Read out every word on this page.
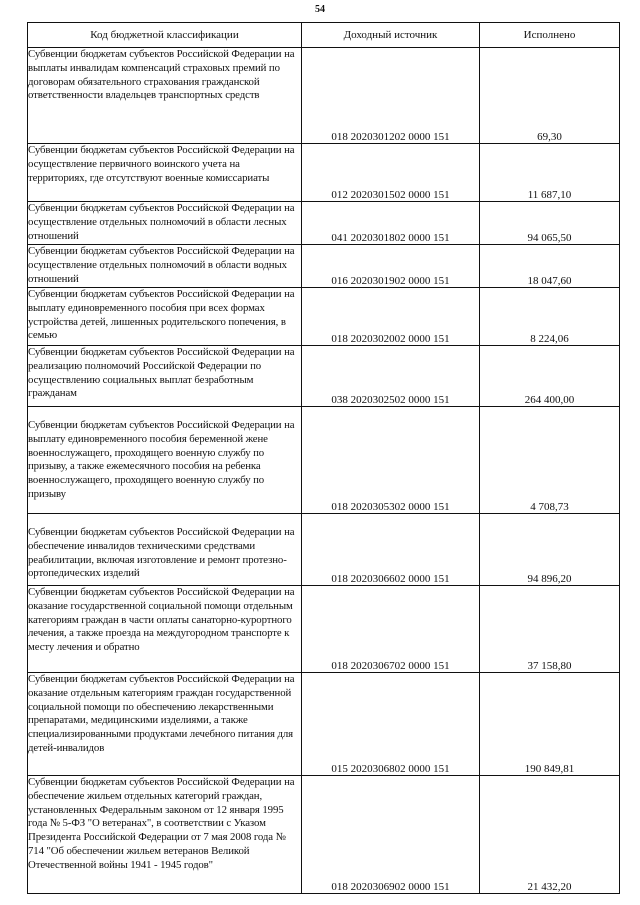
54
Код бюджетной классификации	Доходный источник	Исполнено
Субвенции бюджетам субъектов Российской Федерации на выплаты инвалидам компенсаций страховых премий по договорам обязательного страхования гражданской ответственности владельцев транспортных средств	018 2020301202 0000 151	69,30
Субвенции бюджетам субъектов Российской Федерации на осуществление первичного воинского учета на территориях, где отсутствуют военные комиссариаты	012 2020301502 0000 151	11 687,10
Субвенции бюджетам субъектов Российской Федерации на осуществление отдельных полномочий в области лесных отношений	041 2020301802 0000 151	94 065,50
Субвенции бюджетам субъектов Российской Федерации на осуществление отдельных полномочий в области водных отношений	016 2020301902 0000 151	18 047,60
Субвенции бюджетам субъектов Российской Федерации на выплату единовременного пособия при всех формах устройства детей, лишенных родительского попечения, в семью	018 2020302002 0000 151	8 224,06
Субвенции бюджетам субъектов Российской Федерации на реализацию полномочий Российской Федерации по осуществлению социальных выплат безработным гражданам	038 2020302502 0000 151	264 400,00
Субвенции бюджетам субъектов Российской Федерации на выплату единовременного пособия беременной жене военнослужащего, проходящего военную службу по призыву, а также ежемесячного пособия на ребенка военнослужащего, проходящего военную службу по призыву	018 2020305302 0000 151	4 708,73
Субвенции бюджетам субъектов Российской Федерации на обеспечение инвалидов техническими средствами реабилитации, включая изготовление и ремонт протезно-ортопедических изделий	018 2020306602 0000 151	94 896,20
Субвенции бюджетам субъектов Российской Федерации на оказание государственной социальной помощи отдельным категориям граждан в части оплаты санаторно-курортного лечения, а также проезда на междугородном транспорте к месту лечения и обратно	018 2020306702 0000 151	37 158,80
Субвенции бюджетам субъектов Российской Федерации на оказание отдельным категориям граждан государственной социальной помощи по обеспечению лекарственными препаратами, медицинскими изделиями, а также специализированными продуктами лечебного питания для детей-инвалидов	015 2020306802 0000 151	190 849,81
Субвенции бюджетам субъектов Российской Федерации на обеспечение жильем отдельных категорий граждан, установленных Федеральным законом от 12 января 1995 года № 5-ФЗ "О ветеранах", в соответствии с Указом Президента Российской Федерации от 7 мая 2008 года № 714 "Об обеспечении жильем ветеранов Великой Отечественной войны 1941 - 1945 годов"	018 2020306902 0000 151	21 432,20
